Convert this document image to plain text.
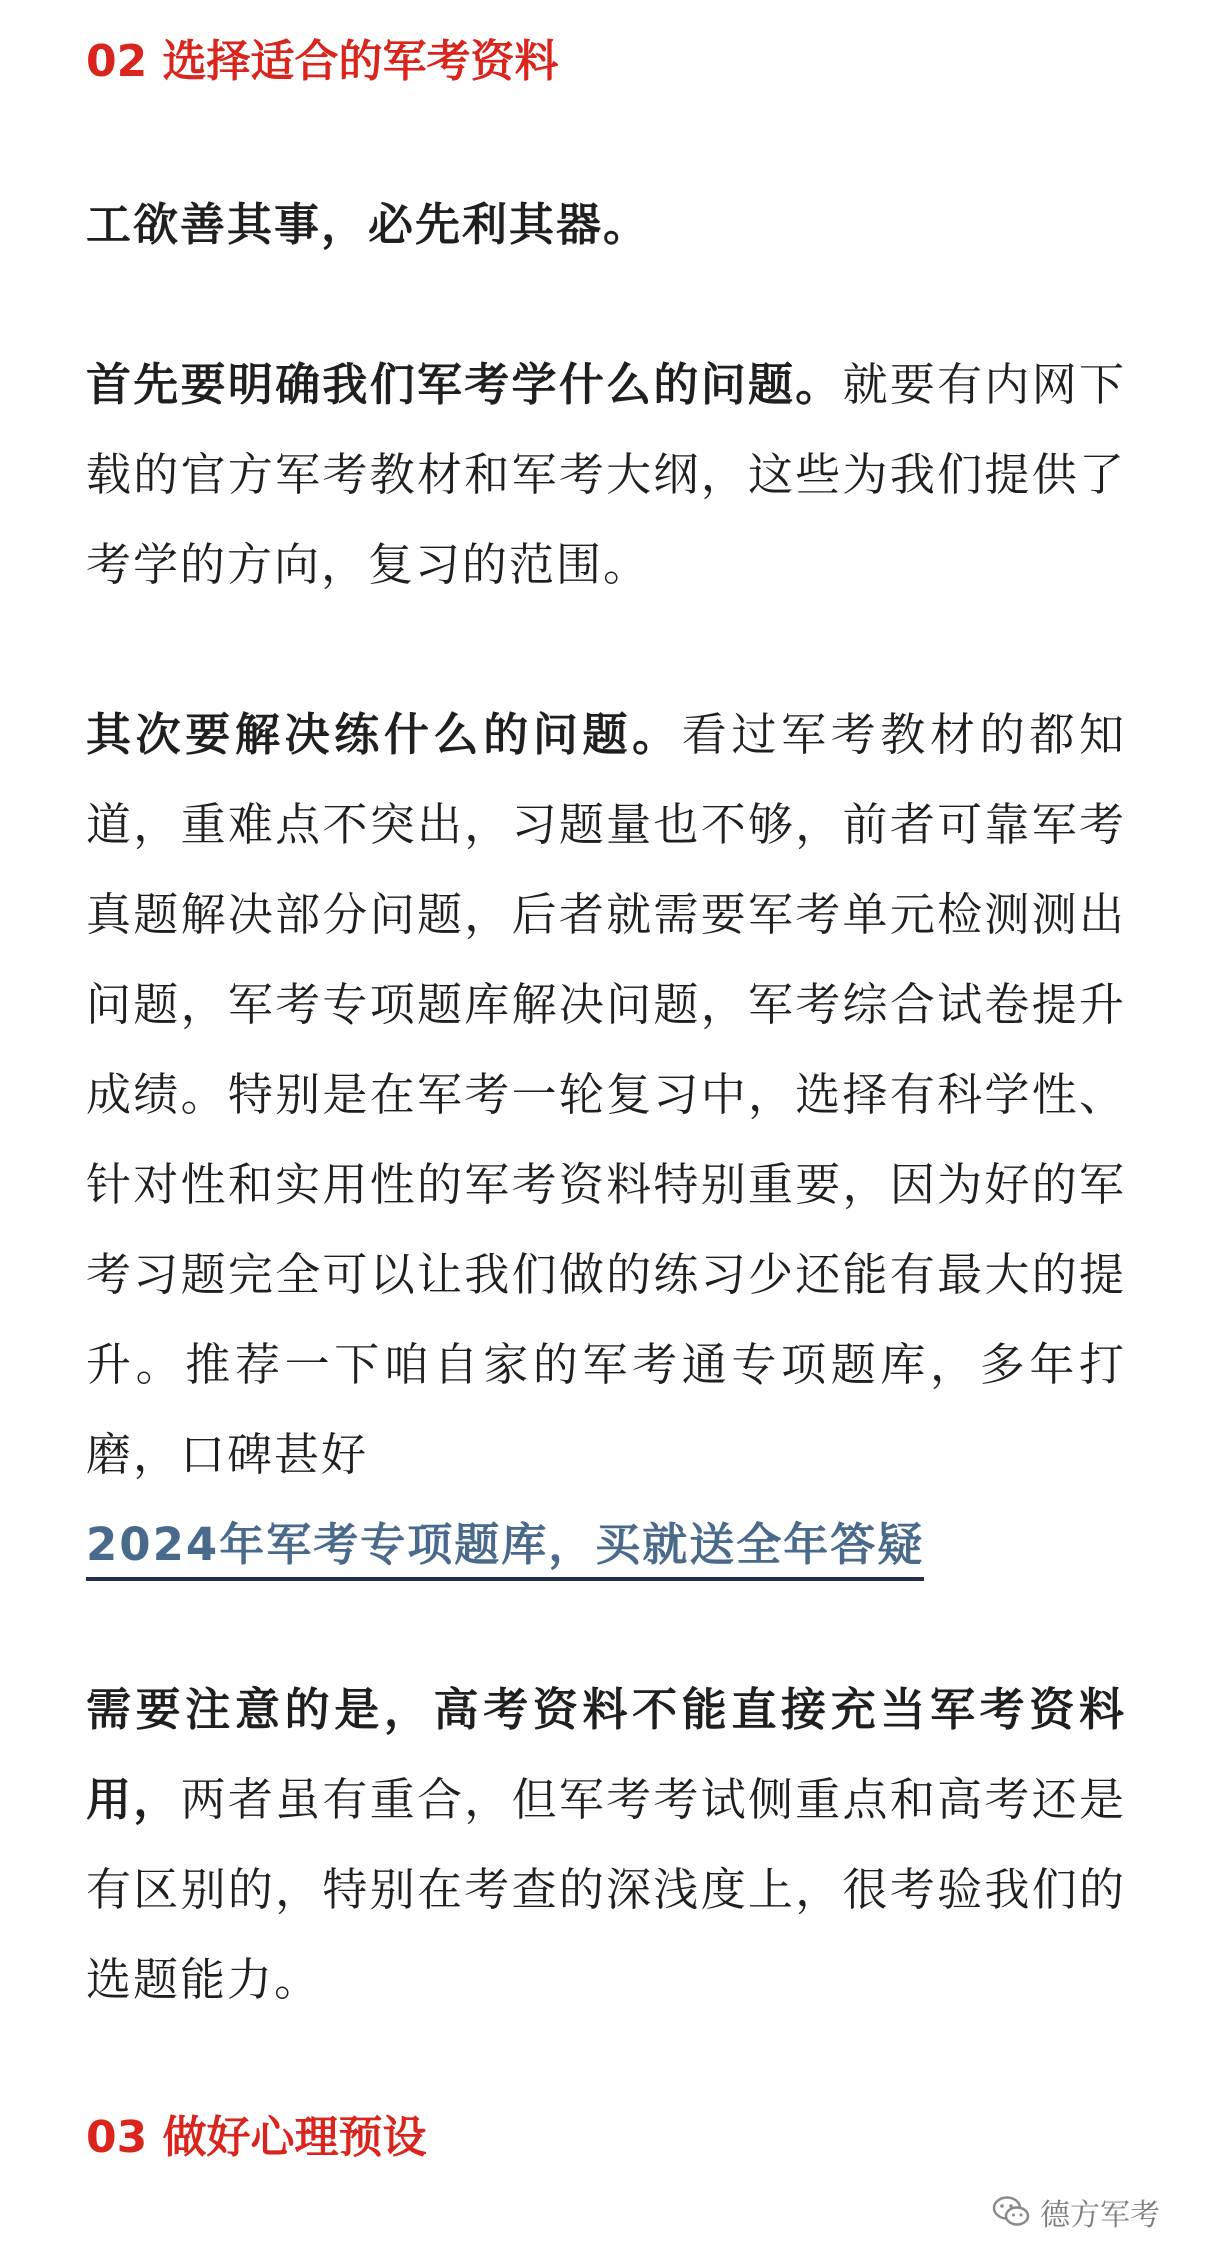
02 选择适合的军考资料

工欲善其事，必先利其器。

首先要明确我们军考学什么的问题。就要有内网下载的官方军考教材和军考大纲，这些为我们提供了考学的方向，复习的范围。

其次要解决练什么的问题。看过军考教材的都知道，重难点不突出，习题量也不够，前者可靠军考真题解决部分问题，后者就需要军考单元检测测出问题，军考专项题库解决问题，军考综合试卷提升成绩。特别是在军考一轮复习中，选择有科学性、针对性和实用性的军考资料特别重要，因为好的军考习题完全可以让我们做的练习少还能有最大的提升。推荐一下咱自家的军考通专项题库，多年打磨，口碑甚好
2024年军考专项题库，买就送全年答疑

需要注意的是，高考资料不能直接充当军考资料用，两者虽有重合，但军考考试侧重点和高考还是有区别的，特别在考查的深浅度上，很考验我们的选题能力。

03 做好心理预设
德方军考
